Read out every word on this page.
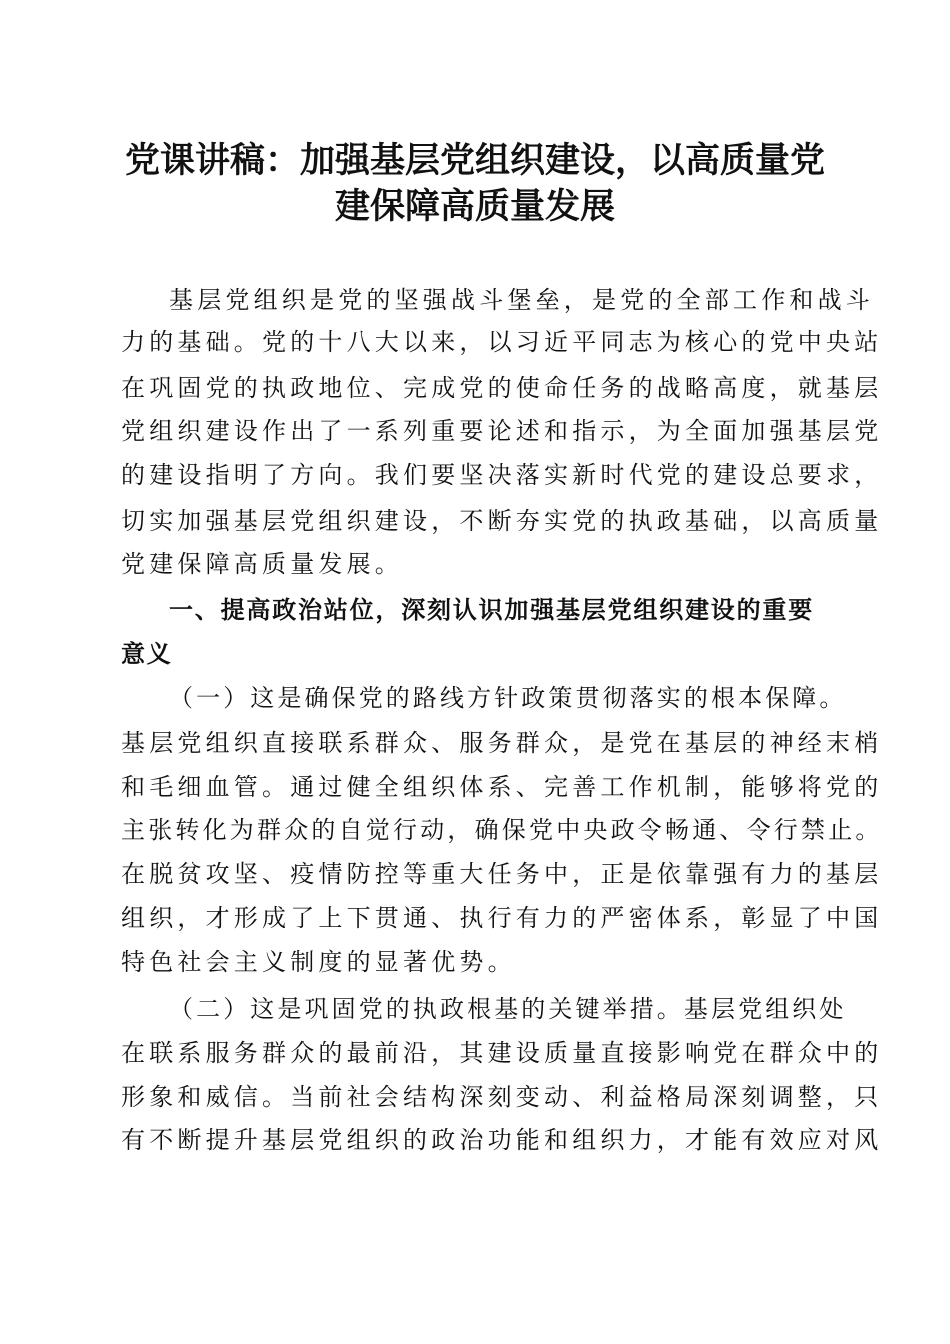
党课讲稿：加强基层党组织建设，以高质量党
建保障高质量发展
基层党组织是党的坚强战斗堡垒，是党的全部工作和战斗
力的基础。党的十八大以来，以习近平同志为核心的党中央站
在巩固党的执政地位、完成党的使命任务的战略高度，就基层
党组织建设作出了一系列重要论述和指示，为全面加强基层党
的建设指明了方向。我们要坚决落实新时代党的建设总要求，
切实加强基层党组织建设，不断夯实党的执政基础，以高质量
党建保障高质量发展。
一、提高政治站位，深刻认识加强基层党组织建设的重要
意义
（一）这是确保党的路线方针政策贯彻落实的根本保障。
基层党组织直接联系群众、服务群众，是党在基层的神经末梢
和毛细血管。通过健全组织体系、完善工作机制，能够将党的
主张转化为群众的自觉行动，确保党中央政令畅通、令行禁止。
在脱贫攻坚、疫情防控等重大任务中，正是依靠强有力的基层
组织，才形成了上下贯通、执行有力的严密体系，彰显了中国
特色社会主义制度的显著优势。
（二）这是巩固党的执政根基的关键举措。基层党组织处
在联系服务群众的最前沿，其建设质量直接影响党在群众中的
形象和威信。当前社会结构深刻变动、利益格局深刻调整，只
有不断提升基层党组织的政治功能和组织力，才能有效应对风
